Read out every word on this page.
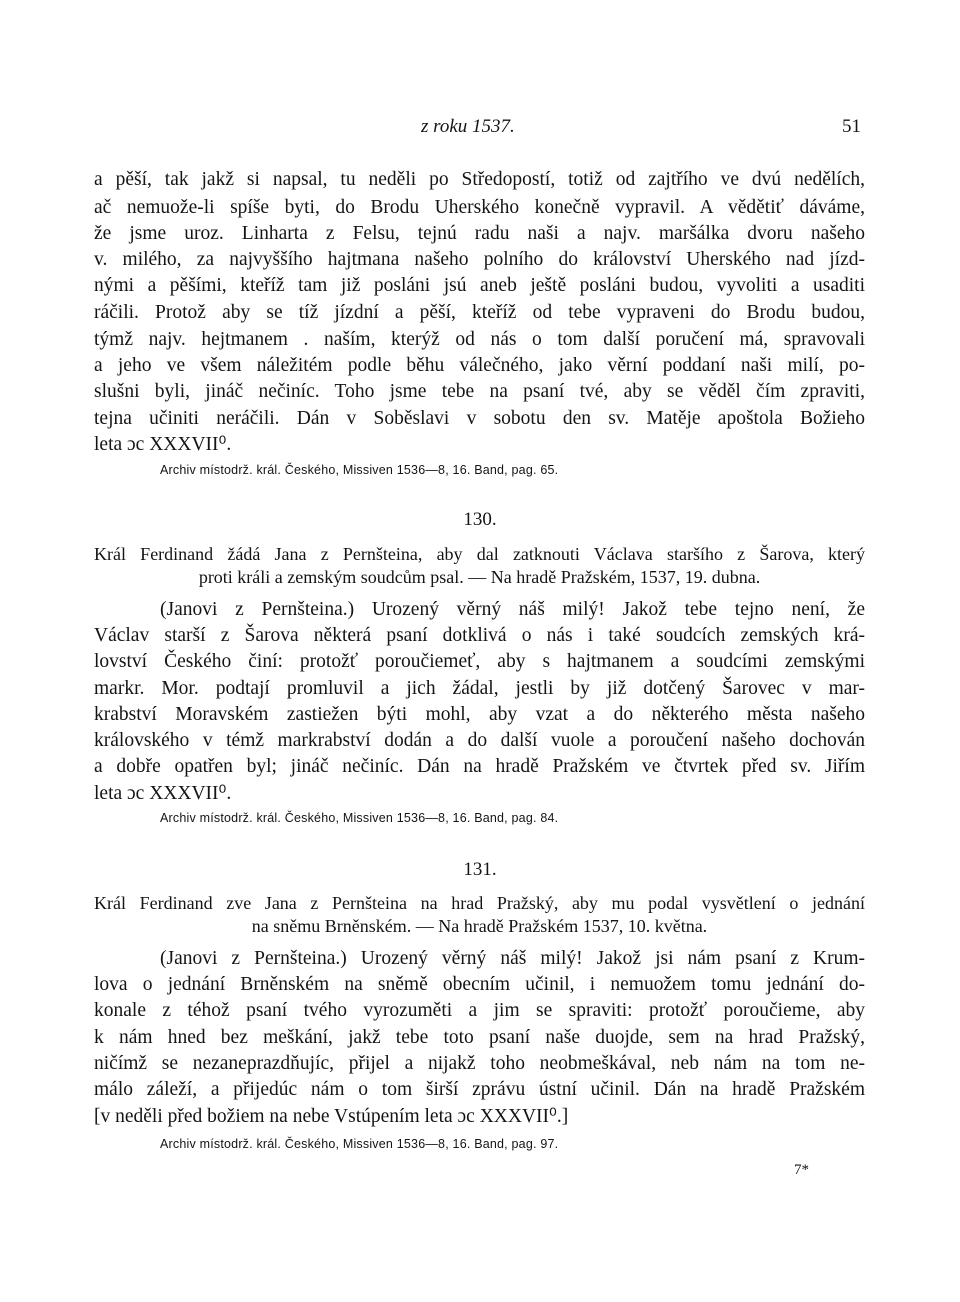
z roku 1537.	51
a pěší, tak jakž si napsal, tu neděli po Středopostí, totiž od zajtřího ve dvú nedělích,
ač nemuože-li spíše byti, do Brodu Uherského konečně vypravil. A vědětiť dáváme,
že jsme uroz. Linharta z Felsu, tejnú radu naši a najv. maršálka dvoru našeho
v. milého, za najvyššího hajtmana našeho polního do království Uherského nad jízd-
nými a pěšími, kteříž tam již posláni jsú aneb ještě posláni budou, vyvoliti a usaditi
ráčili. Protož aby se tíž jízdní a pěší, kteříž od tebe vypraveni do Brodu budou,
týmž najv. hejtmanem . naším, kterýž od nás o tom další poručení má, spravovali
a jeho ve všem náležitém podle běhu válečného, jako věrní poddaní naši milí, po-
slušni byli, jináč nečiníc. Toho jsme tebe na psaní tvé, aby se věděl čím zpraviti,
tejna učiniti neráčili. Dán v Soběslavi v sobotu den sv. Matěje apoštola Božieho
leta ɔc XXXVII⁰.
Archiv místodrž. král. Českého, Missiven 1536—8, 16. Band, pag. 65.
130.
Král Ferdinand žádá Jana z Pernšteina, aby dal zatknouti Václava staršího z Šarova, který
proti králi a zemským soudcům psal. — Na hradě Pražském, 1537, 19. dubna.
(Janovi z Pernšteina.) Urozený věrný náš milý! Jakož tebe tejno není, že
Václav starší z Šarova některá psaní dotklivá o nás i také soudcích zemských krá-
lovství Českého činí: protožť poroučiemeť, aby s hajtmanem a soudcími zemskými
markr. Mor. podtají promluvil a jich žádal, jestli by již dotčený Šarovec v mar-
krabství Moravském zastiežen býti mohl, aby vzat a do některého města našeho
královského v témž markrabství dodán a do další vuole a poroučení našeho dochován
a dobře opatřen byl; jináč nečiníc. Dán na hradě Pražském ve čtvrtek před sv. Jiřím
leta ɔc XXXVII⁰.
Archiv místodrž. král. Českého, Missiven 1536—8, 16. Band, pag. 84.
131.
Král Ferdinand zve Jana z Pernšteina na hrad Pražský, aby mu podal vysvětlení o jednání
na sněmu Brněnském. — Na hradě Pražském 1537, 10. května.
(Janovi z Pernšteina.) Urozený věrný náš milý! Jakož jsi nám psaní z Krum-
lova o jednání Brněnském na sněmě obecním učinil, i nemuožem tomu jednání do-
konale z téhož psaní tvého vyrozuměti a jim se spraviti: protožť poroučieme, aby
k nám hned bez meškání, jakž tebe toto psaní naše duojde, sem na hrad Pražský,
ničímž se nezaneprazdňujíc, přijel a nijakž toho neobmeškával, neb nám na tom ne-
málo záleží, a přijedúc nám o tom širší zprávu ústní učinil. Dán na hradě Pražském
[v neděli před božiem na nebe Vstúpením leta ɔc XXXVII⁰.]
Archiv místodrž. král. Českého, Missiven 1536—8, 16. Band, pag. 97.
7*
